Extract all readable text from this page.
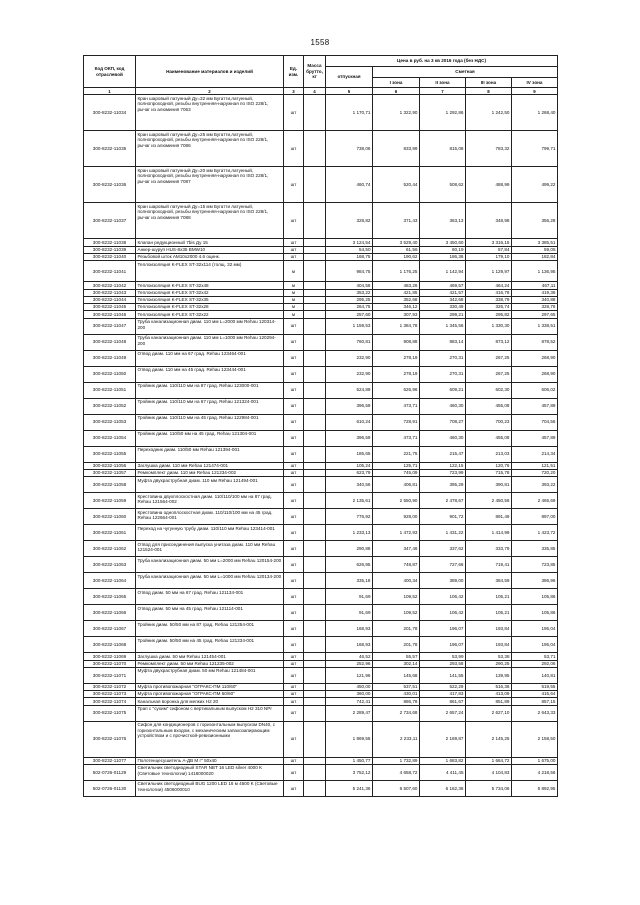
1558
Код ОКП, код отраслевой	Наименование материалов и изделий	Ед. изм.	Масса брутто, кг	Цена в руб. на 3 кв 2016 года (без НДС)				
				отпускная	Сметная			
					I зона	II зона	III зона	IV зона
1	2	3	4	5	6	7	8	9
300-8232-11034	Кран шаровый латунный Ду=32 мм Бугатти,латунный, полнопроходной, резьбы внутренняя-наружная по ISO 228/1, рычаг из алюминия 7063	шт		1 170,71	1 322,90	1 292,86	1 242,50	1 268,40
300-8232-11035	Кран шаровый латунный Ду=25 мм Бугатти,латунный, полнопроходной, резьбы внутренняя-наружная по ISO 228/1, рычаг из алюминия 7086	шт		738,06	833,99	815,08	783,32	799,71
300-8232-11036	Кран шаровый латунный Ду=20 мм Бугатти,латунный, полнопроходной, резьбы внутренняя-наружная по ISO 228/1, рычаг из алюминия 7087	шт		460,74	520,44	508,62	488,99	499,22
300-8232-11037	Кран шаровый латунный Ду=15 мм Бугатти латунный, полнопроходной, резьбы внутренняя-наружная по ISO 228/1, рычаг из алюминия 7088	шт		328,82	371,43	363,13	348,98	356,28
300-8232-11038	Клапан редукционный 7bis Ду 15	шт		3 124,54	3 529,40	3 450,60	3 316,15	3 385,51
300-8232-11039	Анкер-шуруп HUS-8х35 BMW10	шт		54,50	61,56	60,19	57,84	59,05
300-8232-11040	Резьбовой шток AM10x2000 4.6 оцинк.	шт		168,75	190,62	186,36	179,10	182,84
300-8232-11041	Теплоизоляция K-FLEX ST-32x114 (толщ. 32 мм)	м		984,75	1 176,25	1 142,94	1 129,97	1 136,95
300-8232-11042	Теплоизоляция K-FLEX ST-32x48	м		404,58	483,26	469,57	464,24	467,11
300-8232-11043	Теплоизоляция K-FLEX ST-32x42	м		353,22	421,85	421,57	416,78	419,36
300-8232-11044	Теплоизоляция K-FLEX ST-32x35	м		295,25	352,68	342,68	338,79	340,88
300-8232-11045	Теплоизоляция K-FLEX ST-32x28	м		264,75	346,12	330,49	326,74	328,76
300-8232-11046	Теплоизоляция K-FLEX ST-32x22	м		257,60	307,93	299,21	295,82	297,65
300-8232-11047	Труба канализационная диам. 110 мм L=2000 мм Rehau 120314-200	шт		1 159,53	1 384,78	1 345,56	1 330,30	1 338,51
300-8232-11048	Труба канализационная диам. 110 мм L=1000 мм Rehau 120294-200	шт		760,81	908,88	883,14	873,12	878,52
300-8232-11049	Отвод диам. 110 мм на 67 град. Rehau 123464-001	шт		232,90	278,19	270,31	267,25	268,90
300-8232-11050	Отвод диам. 110 мм на 45 град. Rehau 123444-001	шт		232,90	278,19	270,31	267,25	268,90
300-8232-11051	Тройник диам. 110/110 мм на 87 град. Rehau 123000-001	шт		524,89	626,96	609,21	602,30	606,02
300-8232-11052	Тройник диам. 110/110 мм на 67 град. Rehau 121324-001	шт		396,59	473,71	460,30	455,08	457,89
300-8232-11053	Тройник диам. 110/110 мм на 45 град. Rehau 122984-001	шт		610,24	728,91	708,27	700,23	704,56
300-8232-11054	Тройник диам. 110/50 мм на 45 град. Rehau 121304-001	шт		396,59	473,71	460,30	455,08	457,89
300-8232-11055	Переходник диам. 110/50 мм Rehau 121394-001	шт		185,65	221,75	215,47	213,03	214,34
300-8232-11056	Заглушка диам. 110 мм Rehau 121474-001	шт		105,24	125,71	122,15	120,76	121,51
300-8232-11057	Ремкомплект диам. 110 мм Rehau 121234-002	шт		623,79	745,09	723,99	715,78	720,20
300-8232-11058	Муфта двухраструбная диам. 110 мм Rehau 121494-001	шт		340,56	406,81	395,29	390,81	393,22
300-8232-11059	Крестовина двухплоскостная диам. 110/110/100 мм на 87 град. Rehau 121564-002	шт		2 135,61	2 550,90	2 478,67	2 450,56	2 465,69
300-8232-11060	Крестовина одноплоскостная диам. 110/110/100 мм на 45 град. Rehau 122664-001	шт		776,92	928,00	901,72	891,49	897,00
300-8232-11061	Переход на чугунную трубу диам. 110/110 мм Rehau 123414-001	шт		1 233,13	1 472,93	1 431,22	1 414,99	1 423,72
300-8232-11062	Отвод для присоединения выпуска унитаза диам. 110 мм Rehau 121524-001	шт		290,88	347,46	337,62	333,79	335,85
300-8232-11063	Труба канализационная диам. 50 мм L=2000 мм Rehau 120154-200	шт		626,95	748,87	727,66	719,41	723,85
300-8232-11064	Труба канализационная диам. 50 мм L=1000 мм Rehau 120134-200	шт		335,18	400,34	389,00	384,59	386,96
300-8232-11065	Отвод диам. 50 мм на 67 град. Rehau 121134-001	шт		91,69	109,52	106,42	105,21	105,86
300-8232-11066	Отвод диам. 50 мм на 45 град. Rehau 121114-001	шт		91,69	109,52	106,42	105,21	105,86
300-8232-11067	Тройник диам. 50/50 мм на 87 град. Rehau 121254-001	шт		168,93	201,78	196,07	193,84	195,04
300-8232-11068	Тройник диам. 50/50 мм на 45 град. Rehau 121234-001	шт		168,93	201,78	196,07	193,84	195,04
300-8232-11069	Заглушка диам. 50 мм Rehau 121454-001	шт		46,52	55,57	53,99	53,38	53,71
300-8232-11070	Ремкомплект диам. 50 мм Rehau 121235-002	шт		252,96	302,14	293,58	290,25	292,06
300-8232-11071	Муфта двухраструбная диам. 50 мм Rehau 121484-001	шт		121,96	145,68	141,55	139,95	140,81
300-8232-11072	Муфта противопожарная "ОГРАКС-ПМ 110/60"	шт		450,00	537,51	522,29	516,36	519,55
300-8232-11073	Муфта противопожарная "ОГРАКС-ПМ 50/60"	шт		360,00	430,01	417,83	413,09	415,64
300-8232-11074	Канальная воронка для мелких Н2 20	шт		742,41	886,78	861,67	851,89	857,15
300-8232-11075	Трап с "сухим" сифоном с вертикальным выпуском Н2 310 NPr	шт		2 289,47	2 734,68	2 657,24	2 627,10	2 643,33
300-8232-11076	Сифон для кондиционеров с горизонтальным выпуском DN40, с горизонтальным входом, с механическим запахозапирающим устройством и с прочисткой-ревизионными	шт		1 869,55	2 233,11	2 169,87	2 145,25	2 158,50
300-8232-11077	Полотенцесушитель А-ДВ М г" 50x40	шт		1 450,77	1 732,89	1 683,82	1 664,72	1 675,00
502-0726-01129	Светильник светодиодный STAR NBT 16 LED silver 4000 K (Световые технологии) 1418000020	шт		3 752,12	4 658,72	4 411,45	4 104,83	4 218,56
502-0726-01130	Светильник светодиодный BUG 1200 LED 16 м 4500 K (Световые технологии) 4506000010	шт		5 241,36	6 507,60	6 162,38	5 734,06	5 892,95
